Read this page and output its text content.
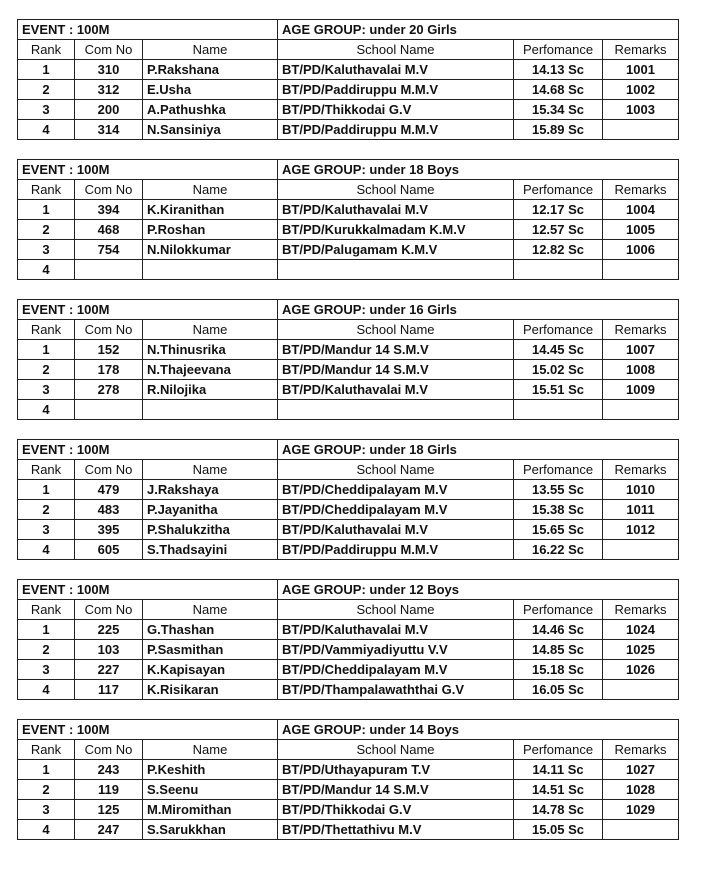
EVENT : 100M			AGE GROUP: under 20 Girls		
Rank	Com No	Name	School Name	Perfomance	Remarks
1	310	P.Rakshana	BT/PD/Kaluthavalai M.V	14.13 Sc	1001
2	312	E.Usha	BT/PD/Paddiruppu M.M.V	14.68 Sc	1002
3	200	A.Pathushka	BT/PD/Thikkodai G.V	15.34 Sc	1003
4	314	N.Sansiniya	BT/PD/Paddiruppu M.M.V	15.89 Sc	

EVENT : 100M			AGE GROUP: under 18 Boys		
Rank	Com No	Name	School Name	Perfomance	Remarks
1	394	K.Kiranithan	BT/PD/Kaluthavalai M.V	12.17 Sc	1004
2	468	P.Roshan	BT/PD/Kurukkalmadam K.M.V	12.57 Sc	1005
3	754	N.Nilokkumar	BT/PD/Palugamam K.M.V	12.82 Sc	1006
4					

EVENT : 100M			AGE GROUP: under 16 Girls		
Rank	Com No	Name	School Name	Perfomance	Remarks
1	152	N.Thinusrika	BT/PD/Mandur 14 S.M.V	14.45 Sc	1007
2	178	N.Thajeevana	BT/PD/Mandur 14 S.M.V	15.02 Sc	1008
3	278	R.Nilojika	BT/PD/Kaluthavalai M.V	15.51 Sc	1009
4					

EVENT : 100M			AGE GROUP: under 18 Girls		
Rank	Com No	Name	School Name	Perfomance	Remarks
1	479	J.Rakshaya	BT/PD/Cheddipalayam M.V	13.55 Sc	1010
2	483	P.Jayanitha	BT/PD/Cheddipalayam M.V	15.38 Sc	1011
3	395	P.Shalukzitha	BT/PD/Kaluthavalai M.V	15.65 Sc	1012
4	605	S.Thadsayini	BT/PD/Paddiruppu M.M.V	16.22 Sc	

EVENT : 100M			AGE GROUP: under 12 Boys		
Rank	Com No	Name	School Name	Perfomance	Remarks
1	225	G.Thashan	BT/PD/Kaluthavalai M.V	14.46 Sc	1024
2	103	P.Sasmithan	BT/PD/Vammiyadiyuttu V.V	14.85 Sc	1025
3	227	K.Kapisayan	BT/PD/Cheddipalayam M.V	15.18 Sc	1026
4	117	K.Risikaran	BT/PD/Thampalawaththai G.V	16.05 Sc	

EVENT : 100M			AGE GROUP: under 14 Boys		
Rank	Com No	Name	School Name	Perfomance	Remarks
1	243	P.Keshith	BT/PD/Uthayapuram T.V	14.11 Sc	1027
2	119	S.Seenu	BT/PD/Mandur 14 S.M.V	14.51 Sc	1028
3	125	M.Miromithan	BT/PD/Thikkodai G.V	14.78 Sc	1029
4	247	S.Sarukkhan	BT/PD/Thettathivu M.V	15.05 Sc	
